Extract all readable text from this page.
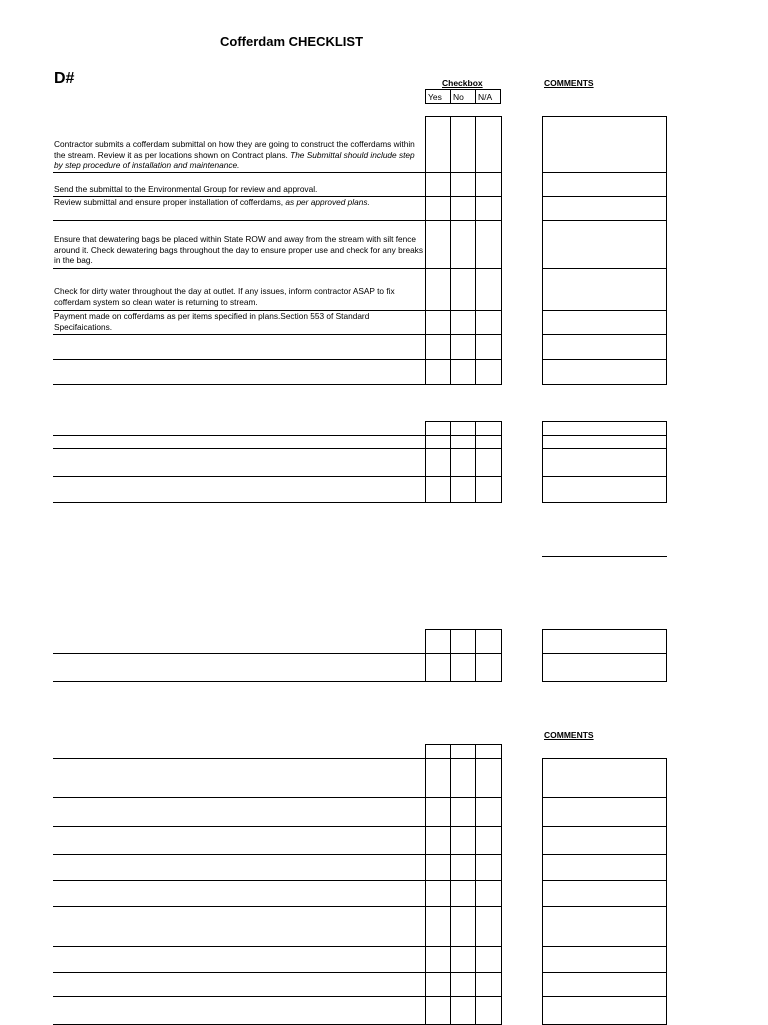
Cofferdam CHECKLIST
D#	Checkbox	COMMENTS
Yes	No	N/A
Contractor submits a cofferdam submittal on how they are going to construct the cofferdams within the stream. Review it as per locations shown on Contract plans. The Submittal should include step by step procedure of installation and maintenance.
Send the submittal to the Environmental Group for review and approval.
Review submittal and ensure proper installation of cofferdams, as per approved plans.
Ensure that dewatering bags be placed within State ROW and away from the stream with silt fence around it. Check dewatering bags throughout the day to ensure proper use and check for any breaks in the bag.
Check for dirty water throughout the day at outlet. If any issues, inform contractor ASAP to fix cofferdam system so clean water is returning to stream.
Payment made on cofferdams as per items specified in plans.Section 553 of Standard Specifaications.
COMMENTS
